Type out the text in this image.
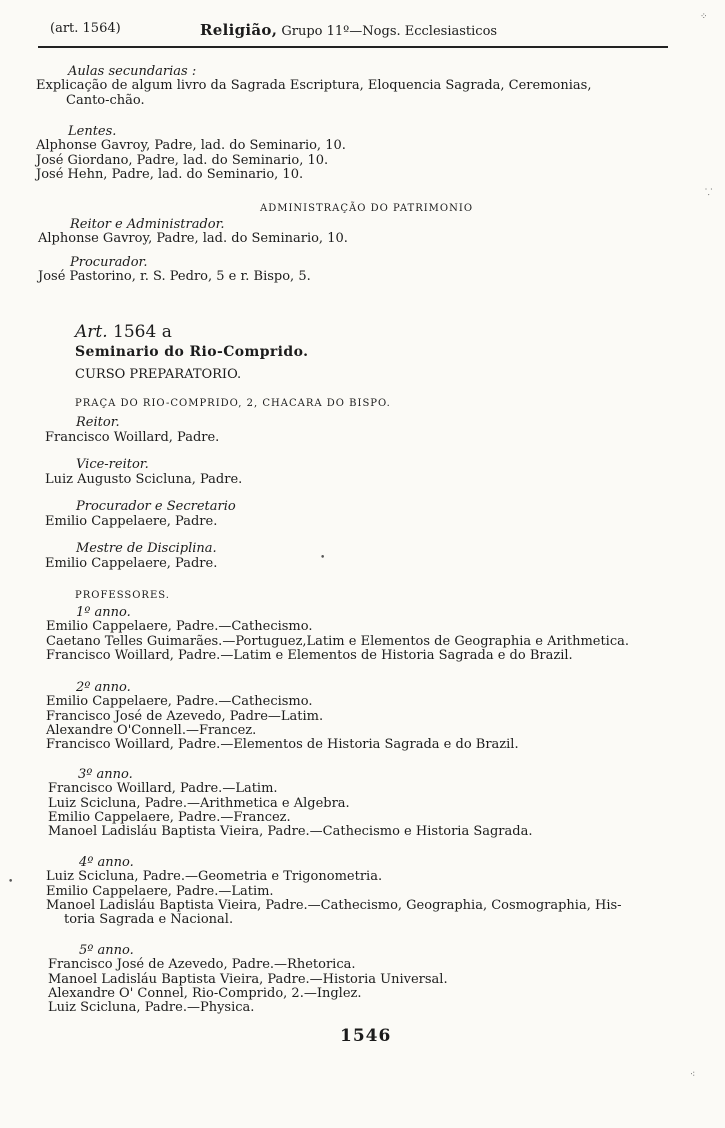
(art. 1564)	Religião, Grupo 11º—Nogs. Ecclesiasticos
Aulas secundarias :
Explicação de algum livro da Sagrada Escriptura, Eloquencia Sagrada, Ceremonias,
Canto-chão.
Lentes.
Alphonse Gavroy, Padre, lad. do Seminario, 10.
José Giordano, Padre, lad. do Seminario, 10.
José Hehn, Padre, lad. do Seminario, 10.
ADMINISTRAÇÃO DO PATRIMONIO
Reitor e Administrador.
Alphonse Gavroy, Padre, lad. do Seminario, 10.
Procurador.
José Pastorino, r. S. Pedro, 5 e r. Bispo, 5.
Art. 1564 a
Seminario do Rio-Comprido.
CURSO PREPARATORIO.
PRAÇA DO RIO-COMPRIDO, 2, CHACARA DO BISPO.
Reitor.
Francisco Woillard, Padre.
Vice-reitor.
Luiz Augusto Scicluna, Padre.
Procurador e Secretario
Emilio Cappelaere, Padre.
Mestre de Disciplina.
Emilio Cappelaere, Padre.
PROFESSORES.
1º anno.
Emilio Cappelaere, Padre.—Cathecismo.
Caetano Telles Guimarães.—Portuguez,Latim e Elementos de Geographia e Arithmetica.
Francisco Woillard, Padre.—Latim e Elementos de Historia Sagrada e do Brazil.
2º anno.
Emilio Cappelaere, Padre.—Cathecismo.
Francisco José de Azevedo, Padre—Latim.
Alexandre O'Connell.—Francez.
Francisco Woillard, Padre.—Elementos de Historia Sagrada e do Brazil.
3º anno.
Francisco Woillard, Padre.—Latim.
Luiz Scicluna, Padre.—Arithmetica e Algebra.
Emilio Cappelaere, Padre.—Francez.
Manoel Ladisláu Baptista Vieira, Padre.—Cathecismo e Historia Sagrada.
4º anno.
Luiz Scicluna, Padre.—Geometria e Trigonometria.
Emilio Cappelaere, Padre.—Latim.
Manoel Ladisláu Baptista Vieira, Padre.—Cathecismo, Geographia, Cosmographia, His-
toria Sagrada e Nacional.
5º anno.
Francisco José de Azevedo, Padre.—Rhetorica.
Manoel Ladisláu Baptista Vieira, Padre.—Historia Universal.
Alexandre O' Connel, Rio-Comprido, 2.—Inglez.
Luiz Scicluna, Padre.—Physica.
1546
⁘
⸪
•
•
⁖
